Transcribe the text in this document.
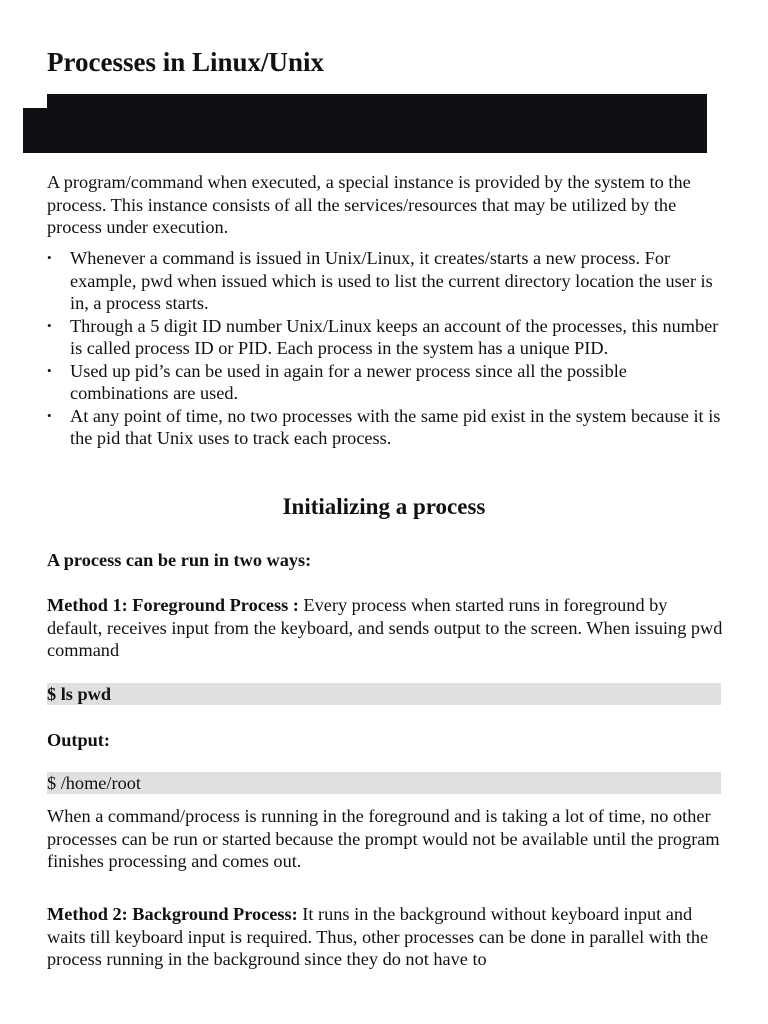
Processes in Linux/Unix

A program/command when executed, a special instance is provided by the system to the process. This instance consists of all the services/resources that may be utilized by the process under execution.

• Whenever a command is issued in Unix/Linux, it creates/starts a new process. For example, pwd when issued which is used to list the current directory location the user is in, a process starts.
• Through a 5 digit ID number Unix/Linux keeps an account of the processes, this number is called process ID or PID. Each process in the system has a unique PID.
• Used up pid’s can be used in again for a newer process since all the possible combinations are used.
• At any point of time, no two processes with the same pid exist in the system because it is the pid that Unix uses to track each process.
Initializing a process

A process can be run in two ways:

Method 1: Foreground Process : Every process when started runs in foreground by default, receives input from the keyboard, and sends output to the screen. When issuing pwd command

$ ls pwd

Output:

$ /home/root

When a command/process is running in the foreground and is taking a lot of time, no other processes can be run or started because the prompt would not be available until the program finishes processing and comes out.

Method 2: Background Process: It runs in the background without keyboard input and waits till keyboard input is required. Thus, other processes can be done in parallel with the process running in the background since they do not have to
